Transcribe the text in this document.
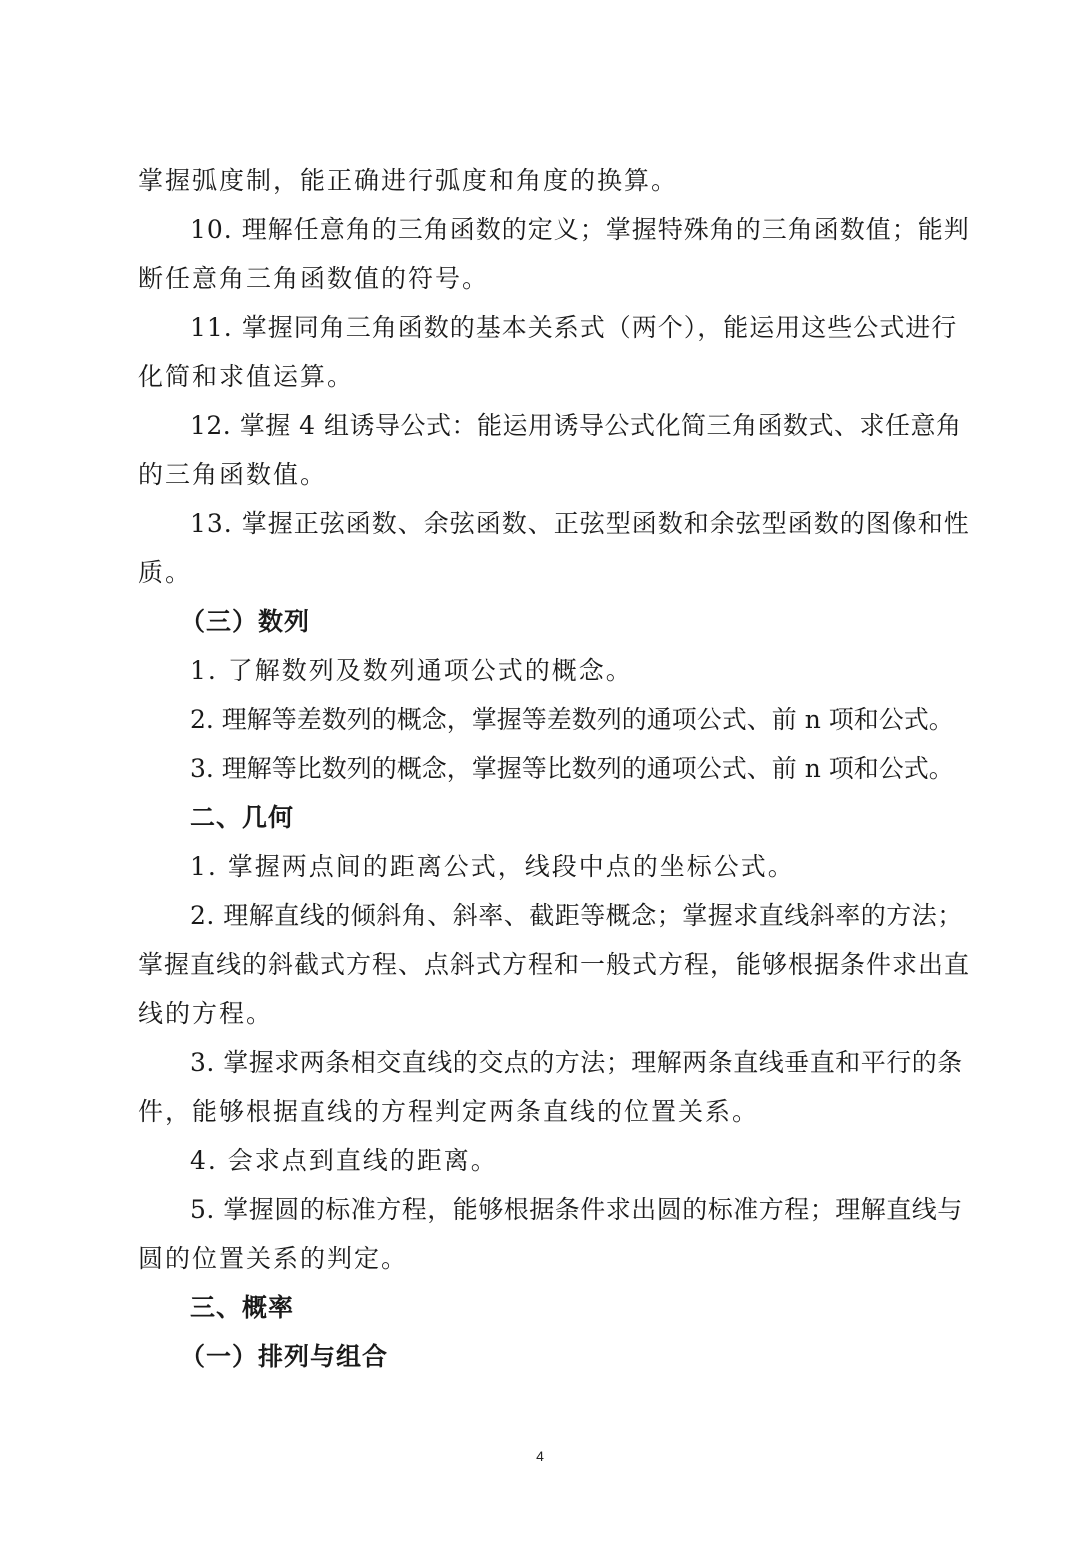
掌握弧度制，能正确进行弧度和角度的换算。

10. 理解任意角的三角函数的定义；掌握特殊角的三角函数值；能判

断任意角三角函数值的符号。

11. 掌握同角三角函数的基本关系式（两个），能运用这些公式进行

化简和求值运算。

12. 掌握 4 组诱导公式：能运用诱导公式化简三角函数式、求任意角

的三角函数值。

13. 掌握正弦函数、余弦函数、正弦型函数和余弦型函数的图像和性

质。

（三）数列

1. 了解数列及数列通项公式的概念。

2. 理解等差数列的概念，掌握等差数列的通项公式、前 n 项和公式。

3. 理解等比数列的概念，掌握等比数列的通项公式、前 n 项和公式。

二、几何

1. 掌握两点间的距离公式，线段中点的坐标公式。

2. 理解直线的倾斜角、斜率、截距等概念；掌握求直线斜率的方法；

掌握直线的斜截式方程、点斜式方程和一般式方程，能够根据条件求出直

线的方程。

3. 掌握求两条相交直线的交点的方法；理解两条直线垂直和平行的条

件，能够根据直线的方程判定两条直线的位置关系。

4. 会求点到直线的距离。

5. 掌握圆的标准方程，能够根据条件求出圆的标准方程；理解直线与

圆的位置关系的判定。

三、概率

（一）排列与组合

4
